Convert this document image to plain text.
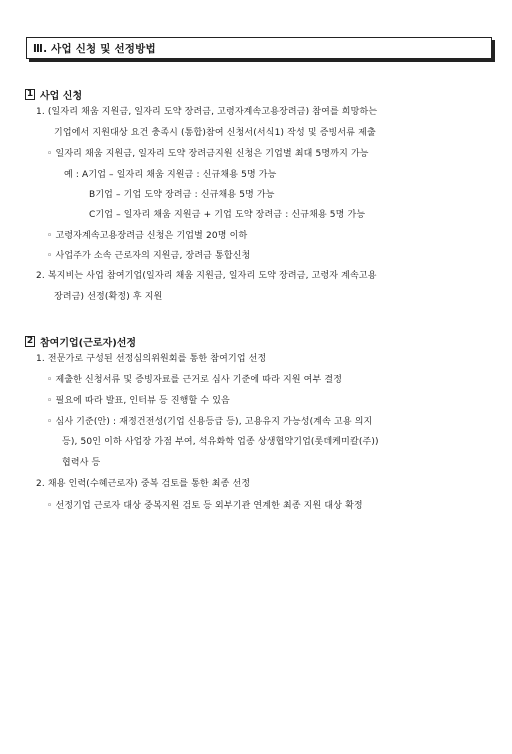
Ⅲ. 사업 신청 및 선정방법
1 사업 신청
1. (일자리 채움 지원금, 일자리 도약 장려금, 고령자계속고용장려금) 참여를 희망하는
기업에서 지원대상 요건 충족시 (통합)참여 신청서(서식1) 작성 및 증빙서류 제출
◦ 일자리 채움 지원금, 일자리 도약 장려금지원 신청은 기업별 최대 5명까지 가능
예 : A기업 – 일자리 채움 지원금 : 신규채용 5명 가능
B기업 – 기업 도약 장려금 : 신규채용 5명 가능
C기업 – 일자리 채움 지원금 + 기업 도약 장려금 : 신규채용 5명 가능
◦ 고령자계속고용장려금 신청은 기업별 20명 이하
◦ 사업주가 소속 근로자의 지원금, 장려금 통합신청
2. 복지비는 사업 참여기업(일자리 채움 지원금, 일자리 도약 장려금, 고령자 계속고용
장려금) 선정(확정) 후 지원
2 참여기업(근로자)선정
1. 전문가로 구성된 선정심의위원회를 통한 참여기업 선정
◦ 제출한 신청서류 및 증빙자료를 근거로 심사 기준에 따라 지원 여부 결정
◦ 필요에 따라 발표, 인터뷰 등 진행할 수 있음
◦ 심사 기준(안) : 재정건전성(기업 신용등급 등), 고용유지 가능성(계속 고용 의지
등), 50인 이하 사업장 가점 부여, 석유화학 업종 상생협약기업(롯데케미칼(주))
협력사 등
2. 채용 인력(수혜근로자) 중복 검토를 통한 최종 선정
◦ 선정기업 근로자 대상 중복지원 검토 등 외부기관 연계한 최종 지원 대상 확정
